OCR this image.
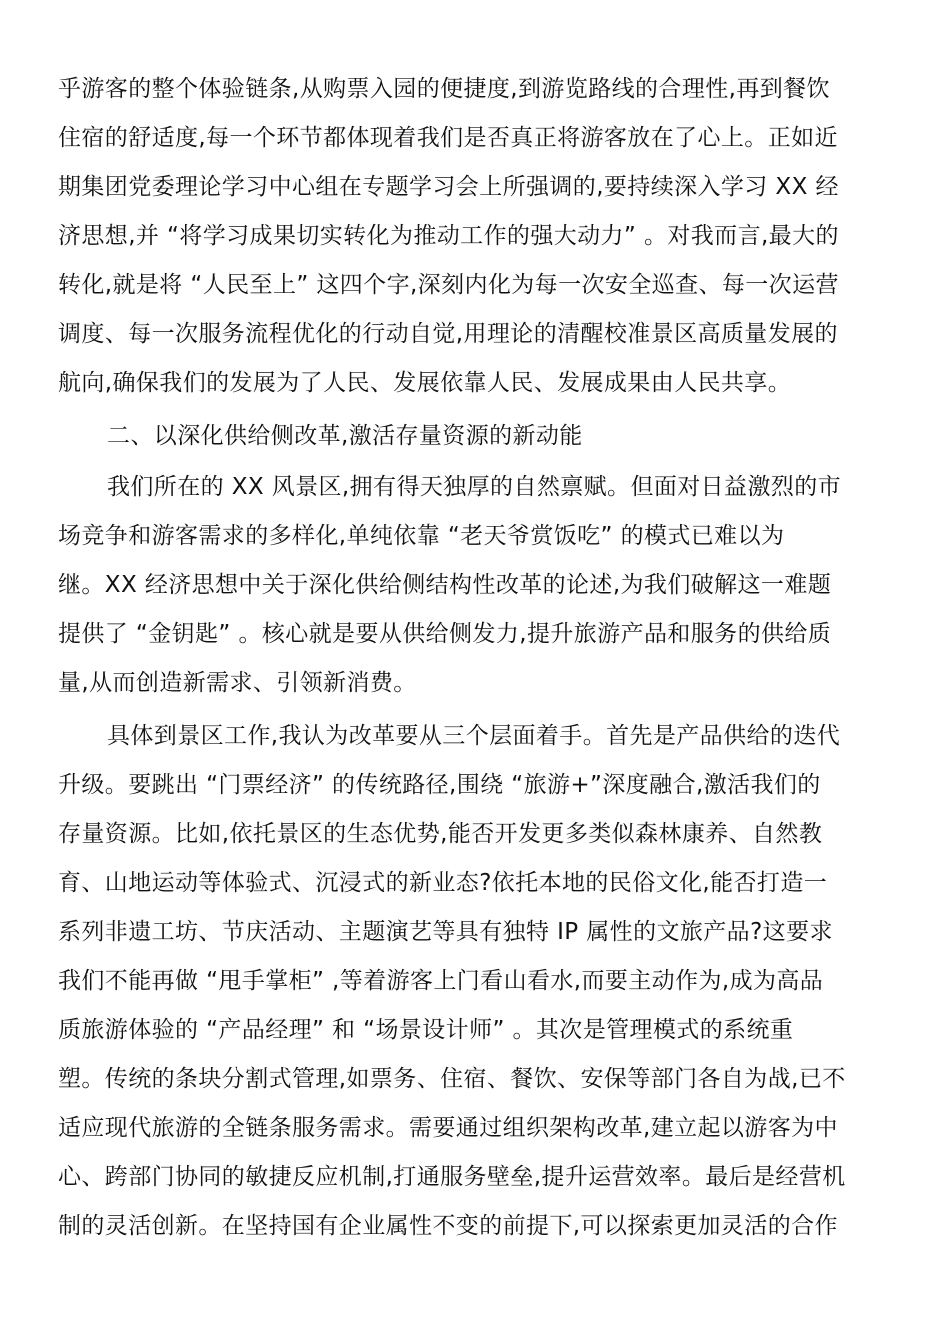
乎游客的整个体验链条,从购票入园的便捷度,到游览路线的合理性,再到餐饮
住宿的舒适度,每一个环节都体现着我们是否真正将游客放在了心上。正如近
期集团党委理论学习中心组在专题学习会上所强调的,要持续深入学习 XX 经
济思想,并 “将学习成果切实转化为推动工作的强大动力” 。对我而言,最大的
转化,就是将 “人民至上” 这四个字,深刻内化为每一次安全巡查、每一次运营
调度、每一次服务流程优化的行动自觉,用理论的清醒校准景区高质量发展的
航向,确保我们的发展为了人民、发展依靠人民、发展成果由人民共享。
二、以深化供给侧改革,激活存量资源的新动能
我们所在的 XX 风景区,拥有得天独厚的自然禀赋。但面对日益激烈的市
场竞争和游客需求的多样化,单纯依靠 “老天爷赏饭吃” 的模式已难以为
继。XX 经济思想中关于深化供给侧结构性改革的论述,为我们破解这一难题
提供了 “金钥匙” 。核心就是要从供给侧发力,提升旅游产品和服务的供给质
量,从而创造新需求、引领新消费。
具体到景区工作,我认为改革要从三个层面着手。首先是产品供给的迭代
升级。要跳出 “门票经济” 的传统路径,围绕 “旅游+”深度融合,激活我们的
存量资源。比如,依托景区的生态优势,能否开发更多类似森林康养、自然教
育、山地运动等体验式、沉浸式的新业态?依托本地的民俗文化,能否打造一
系列非遗工坊、节庆活动、主题演艺等具有独特 IP 属性的文旅产品?这要求
我们不能再做 “甩手掌柜” ,等着游客上门看山看水,而要主动作为,成为高品
质旅游体验的 “产品经理” 和 “场景设计师” 。其次是管理模式的系统重
塑。传统的条块分割式管理,如票务、住宿、餐饮、安保等部门各自为战,已不
适应现代旅游的全链条服务需求。需要通过组织架构改革,建立起以游客为中
心、跨部门协同的敏捷反应机制,打通服务壁垒,提升运营效率。最后是经营机
制的灵活创新。在坚持国有企业属性不变的前提下,可以探索更加灵活的合作
